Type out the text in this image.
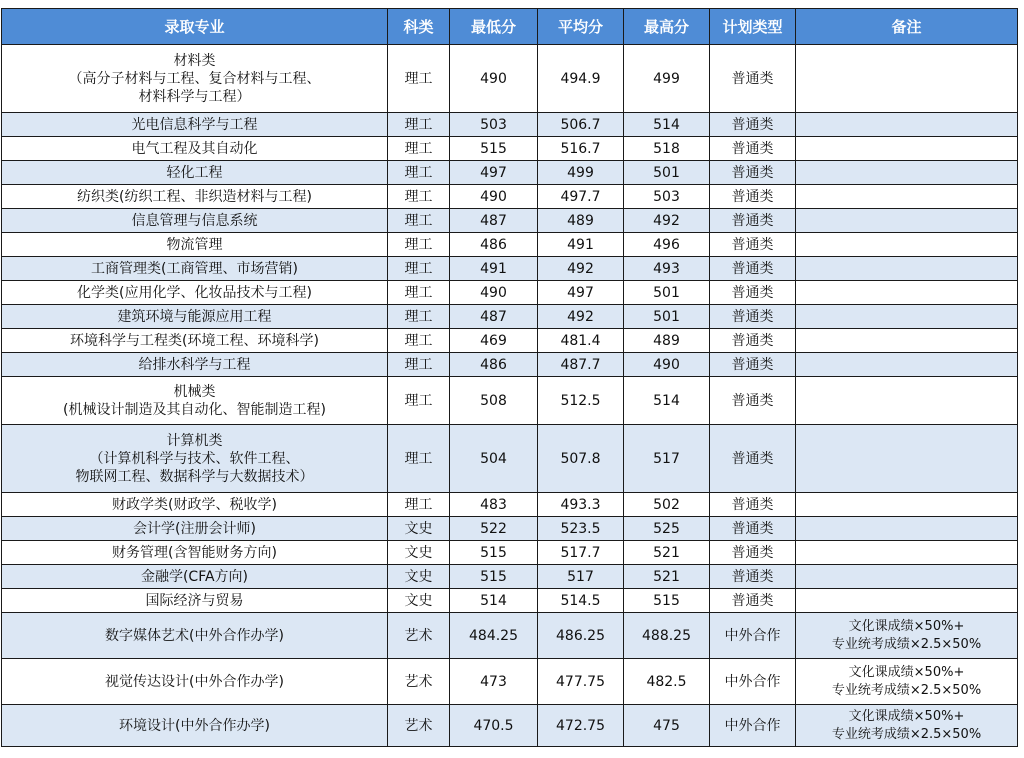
录取专业	科类	最低分	平均分	最高分	计划类型	备注
材料类
（高分子材料与工程、复合材料与工程、
材料科学与工程）	理工	490	494.9	499	普通类	
光电信息科学与工程	理工	503	506.7	514	普通类	
电气工程及其自动化	理工	515	516.7	518	普通类	
轻化工程	理工	497	499	501	普通类	
纺织类(纺织工程、非织造材料与工程)	理工	490	497.7	503	普通类	
信息管理与信息系统	理工	487	489	492	普通类	
物流管理	理工	486	491	496	普通类	
工商管理类(工商管理、市场营销)	理工	491	492	493	普通类	
化学类(应用化学、化妆品技术与工程)	理工	490	497	501	普通类	
建筑环境与能源应用工程	理工	487	492	501	普通类	
环境科学与工程类(环境工程、环境科学)	理工	469	481.4	489	普通类	
给排水科学与工程	理工	486	487.7	490	普通类	
机械类
(机械设计制造及其自动化、智能制造工程)	理工	508	512.5	514	普通类	
计算机类
（计算机科学与技术、软件工程、
物联网工程、数据科学与大数据技术）	理工	504	507.8	517	普通类	
财政学类(财政学、税收学)	理工	483	493.3	502	普通类	
会计学(注册会计师)	文史	522	523.5	525	普通类	
财务管理(含智能财务方向)	文史	515	517.7	521	普通类	
金融学(CFA方向)	文史	515	517	521	普通类	
国际经济与贸易	文史	514	514.5	515	普通类	
数字媒体艺术(中外合作办学)	艺术	484.25	486.25	488.25	中外合作	文化课成绩×50%+
专业统考成绩×2.5×50%
视觉传达设计(中外合作办学)	艺术	473	477.75	482.5	中外合作	文化课成绩×50%+
专业统考成绩×2.5×50%
环境设计(中外合作办学)	艺术	470.5	472.75	475	中外合作	文化课成绩×50%+
专业统考成绩×2.5×50%
